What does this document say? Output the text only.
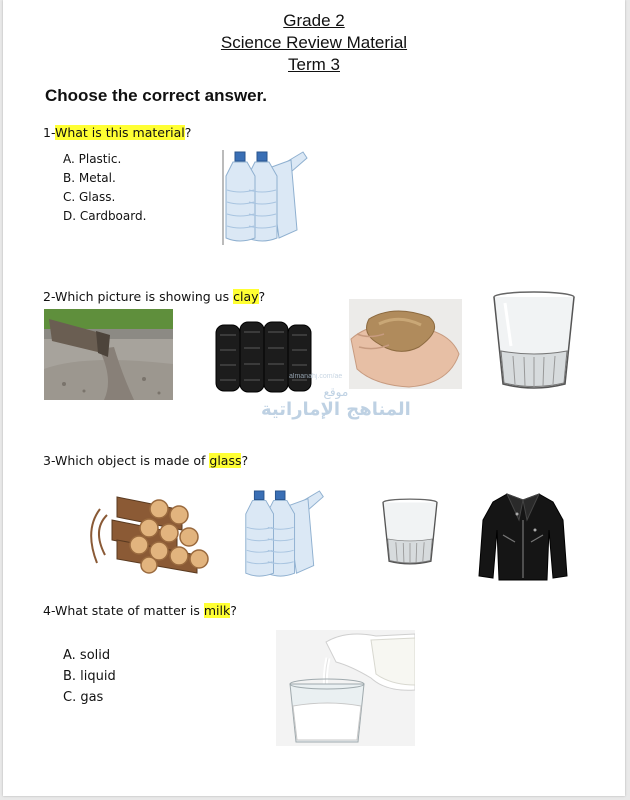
Grade 2
Science Review Material
Term 3
Choose the correct answer.
1-What is this material?
A. Plastic.
B. Metal.
C. Glass.
D. Cardboard.
2-Which picture is showing us clay?
almanahj.com/ae
موقع
المناهج الإماراتية
3-Which object is made of glass?
4-What state of matter is milk?
A. solid
B. liquid
C. gas
